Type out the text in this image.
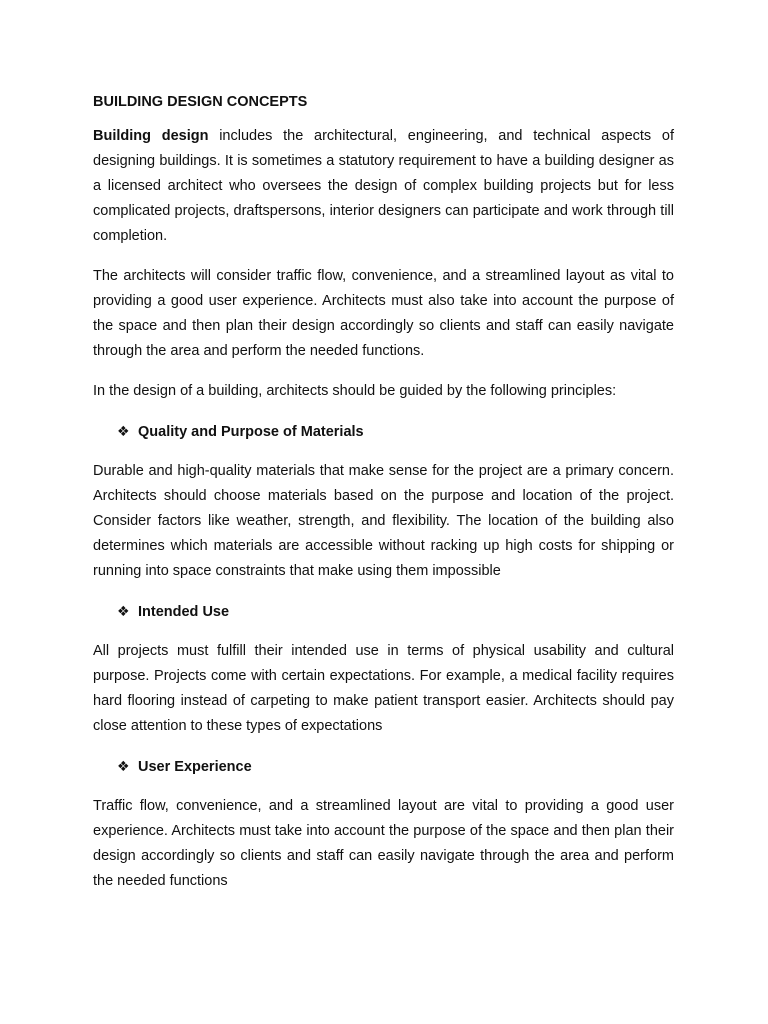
BUILDING DESIGN CONCEPTS

Building design includes the architectural, engineering, and technical aspects of designing buildings. It is sometimes a statutory requirement to have a building designer as a licensed architect who oversees the design of complex building projects but for less complicated projects, draftspersons, interior designers can participate and work through till completion.

The architects will consider traffic flow, convenience, and a streamlined layout as vital to providing a good user experience. Architects must also take into account the purpose of the space and then plan their design accordingly so clients and staff can easily navigate through the area and perform the needed functions.

In the design of a building, architects should be guided by the following principles:

❖ Quality and Purpose of Materials

Durable and high-quality materials that make sense for the project are a primary concern. Architects should choose materials based on the purpose and location of the project. Consider factors like weather, strength, and flexibility. The location of the building also determines which materials are accessible without racking up high costs for shipping or running into space constraints that make using them impossible

❖ Intended Use

All projects must fulfill their intended use in terms of physical usability and cultural purpose. Projects come with certain expectations. For example, a medical facility requires hard flooring instead of carpeting to make patient transport easier. Architects should pay close attention to these types of expectations

❖ User Experience

Traffic flow, convenience, and a streamlined layout are vital to providing a good user experience. Architects must take into account the purpose of the space and then plan their design accordingly so clients and staff can easily navigate through the area and perform the needed functions
